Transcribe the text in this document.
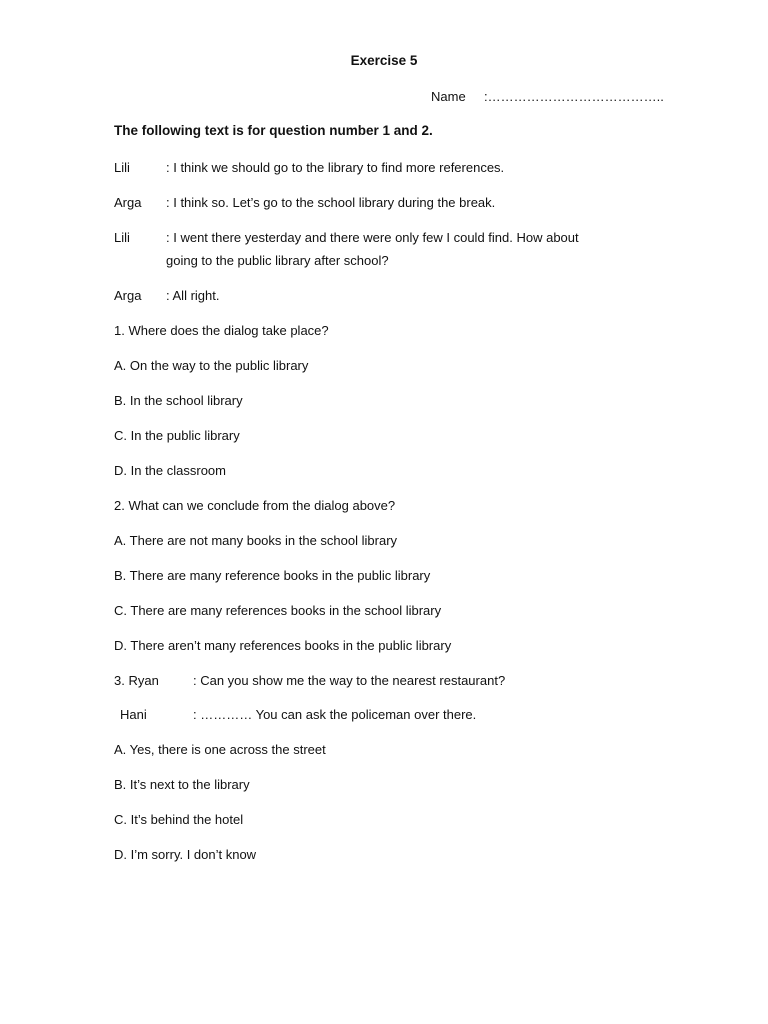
Exercise 5
Name :…………………………………..
The following text is for question number 1 and 2.
Lili	: I think we should go to the library to find more references.
Arga : I think so. Let’s go to the school library during the break.
Lili	: I went there yesterday and there were only few I could find. How about
going to the public library after school?
Arga : All right.
1. Where does the dialog take place?
A. On the way to the public library
B. In the school library
C. In the public library
D. In the classroom
2. What can we conclude from the dialog above?
A. There are not many books in the school library
B. There are many reference books in the public library
C. There are many references books in the school library
D. There aren’t many references books in the public library
3. Ryan	: Can you show me the way to the nearest restaurant?
Hani	: ………… You can ask the policeman over there.
A. Yes, there is one across the street
B. It’s next to the library
C. It’s behind the hotel
D. I’m sorry. I don’t know
